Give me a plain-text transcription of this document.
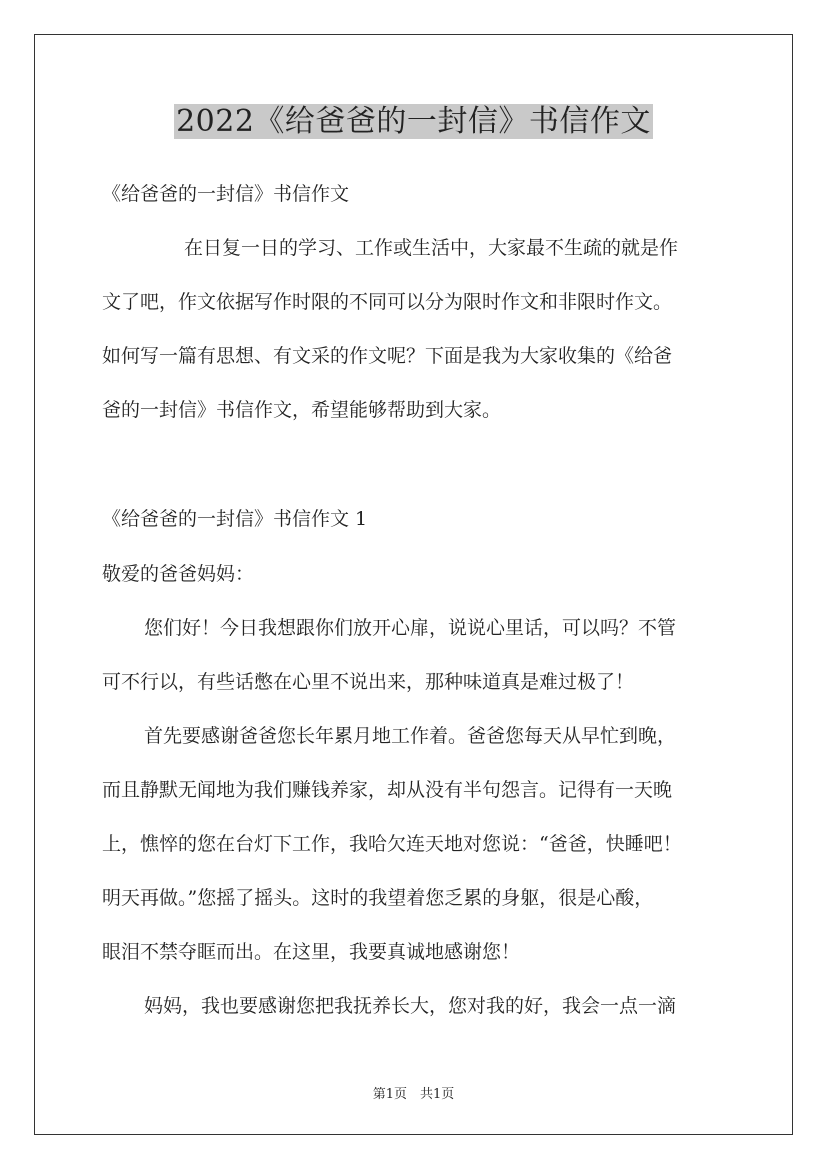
2022《给爸爸的一封信》书信作文
《给爸爸的一封信》书信作文
在日复一日的学习、工作或生活中，大家最不生疏的就是作
文了吧，作文依据写作时限的不同可以分为限时作文和非限时作文。
如何写一篇有思想、有文采的作文呢？下面是我为大家收集的《给爸
爸的一封信》书信作文，希望能够帮助到大家。
《给爸爸的一封信》书信作文 1
敬爱的爸爸妈妈：
您们好！今日我想跟你们放开心扉，说说心里话，可以吗？不管
可不行以，有些话憋在心里不说出来，那种味道真是难过极了！
首先要感谢爸爸您长年累月地工作着。爸爸您每天从早忙到晚，
而且静默无闻地为我们赚钱养家，却从没有半句怨言。记得有一天晚
上，憔悴的您在台灯下工作，我哈欠连天地对您说：“爸爸，快睡吧！
明天再做。”您摇了摇头。这时的我望着您乏累的身躯，很是心酸，
眼泪不禁夺眶而出。在这里，我要真诚地感谢您！
妈妈，我也要感谢您把我抚养长大，您对我的好，我会一点一滴
第1页　共1页
